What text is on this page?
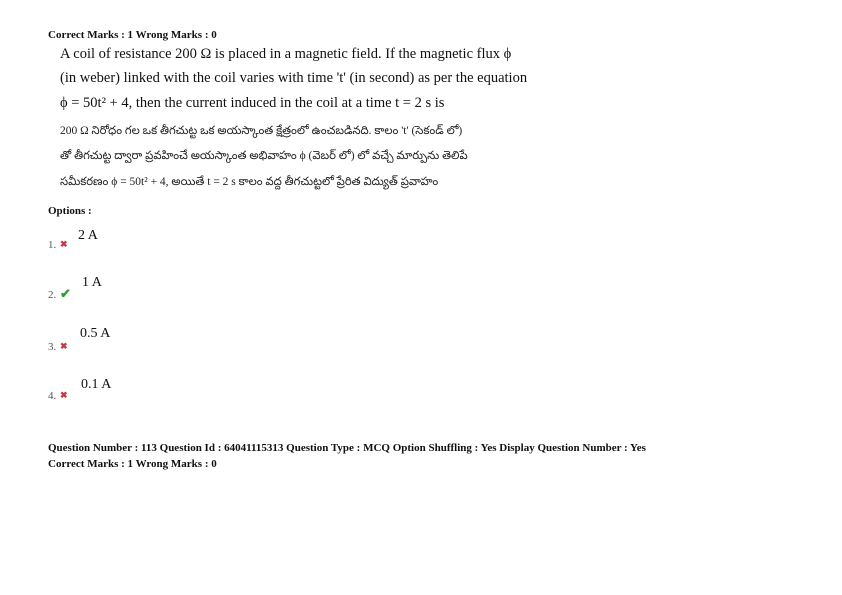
Correct Marks : 1 Wrong Marks : 0
A coil of resistance 200 Ω is placed in a magnetic field. If the magnetic flux ϕ
(in weber) linked with the coil varies with time 't' (in second) as per the equation
ϕ = 50t² + 4, then the current induced in the coil at a time t = 2 s is
200 Ω నిరోధం గల ఒక తీగచుట్ట ఒక అయస్కాంత క్షేత్రంలో ఉంచబడినది. కాలం 't' (సెకండ్ లో)
తో తీగచుట్ట ద్వారా ప్రవహించే అయస్కాంత అభివాహం ϕ (వెబర్ లో) లో వచ్చే మార్పును తెలిపే
సమీకరణం ϕ = 50t² + 4, అయితే t = 2 s కాలం వద్ద తీగచుట్టలో ప్రేరిత విద్యుత్ ప్రవాహం
Options :
1. ✖
2 A
2. ✔
1 A
3. ✖
0.5 A
4. ✖
0.1 A
Question Number : 113 Question Id : 64041115313 Question Type : MCQ Option Shuffling : Yes Display Question Number : Yes
Correct Marks : 1 Wrong Marks : 0
